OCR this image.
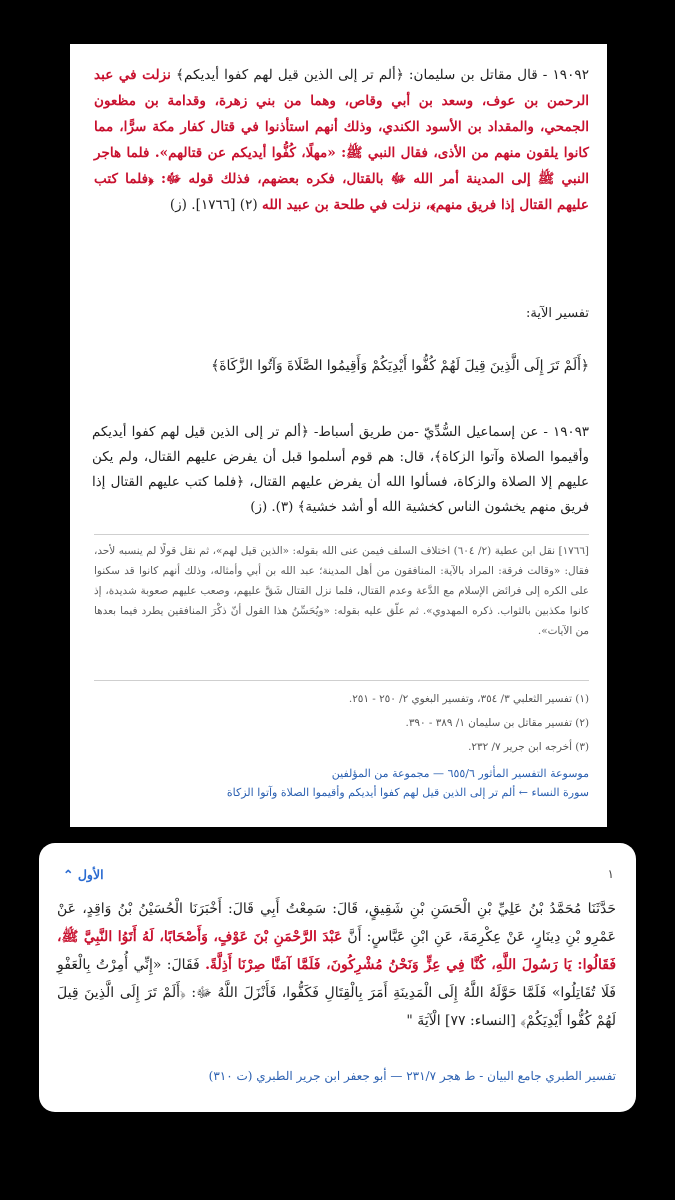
١٩٠٩٢ - قال مقاتل بن سليمان: ﴿ألم تر إلى الذين قيل لهم كفوا أيديكم﴾ نزلت في عبد الرحمن بن عوف، وسعد بن أبي وقاص، وهما من بني زهرة، وقدامة بن مظعون الجمحي، والمقداد بن الأسود الكندي، وذلك أنهم استأذنوا في قتال كفار مكة سرًّا، مما كانوا يلقون منهم من الأذى، فقال النبي ﷺ: «مهلًا، كُفُّوا أيديكم عن قتالهم». فلما هاجر النبي ﷺ إلى المدينة أمر الله ﷻ بالقتال، فكره بعضهم، فذلك قوله ﷻ: ﴿فلما كتب عليهم القتال إذا فريق منهم﴾، نزلت في طلحة بن عبيد الله (٢) [١٧٦٦]. (ز)
تفسير الآية:
﴿أَلَمْ تَرَ إِلَى الَّذِينَ قِيلَ لَهُمْ كُفُّوا أَيْدِيَكُمْ وَأَقِيمُوا الصَّلَاةَ وَآتُوا الزَّكَاةَ﴾
١٩٠٩٣ - عن إسماعيل السُّدِّيّ -من طريق أسباط- ﴿ألم تر إلى الذين قيل لهم كفوا أيديكم وأقيموا الصلاة وآتوا الزكاة﴾، قال: هم قوم أسلموا قبل أن يفرض عليهم القتال، ولم يكن عليهم إلا الصلاة والزكاة، فسألوا الله أن يفرض عليهم القتال، ﴿فلما كتب عليهم القتال إذا فريق منهم يخشون الناس كخشية الله أو أشد خشية﴾ (٣). (ز)
[١٧٦٦] نقل ابن عطية (٢/ ٦٠٤) اختلاف السلف فيمن عنى الله بقوله: «الذين قيل لهم»، ثم نقل قولًا لم ينسبه لأحد، فقال: «وقالت فرقة: المراد بالآية: المنافقون من أهل المدينة؛ عبد الله بن أبي وأمثاله، وذلك أنهم كانوا قد سكنوا على الكره إلى فرائض الإسلام مع الدَّعة وعدم القتال، فلما نزل القتال شَقَّ عليهم، وصعب عليهم صعوبة شديدة، إذ كانوا مكذبين بالثواب. ذكره المهدوي». ثم علّق عليه بقوله: «ويُحَسِّنُ هذا القول أنّ ذكْرَ المنافقين يطرد فيما بعدها من الآيات».
(١) تفسير الثعلبي ٣/ ٣٥٤، وتفسير البغوي ٢/ ٢٥٠ - ٢٥١.
(٢) تفسير مقاتل بن سليمان ١/ ٣٨٩ - ٣٩٠.
(٣) أخرجه ابن جرير ٧/ ٢٣٢.
موسوعة التفسير المأثور ٦٥٥/٦ — مجموعة من المؤلفين
سورة النساء ← ألم تر إلى الذين قيل لهم كفوا أيديكم وأقيموا الصلاة وآتوا الزكاة
١
الأول ⌃
حَدَّثَنَا مُحَمَّدُ بْنُ عَلِيِّ بْنِ الْحَسَنِ بْنِ شَقِيقٍ، قَالَ: سَمِعْتُ أَبِي قَالَ: أَخْبَرَنَا الْحُسَيْنُ بْنُ وَاقِدٍ، عَنْ عَمْرِو بْنِ دِينَارٍ، عَنْ عِكْرِمَةَ، عَنِ ابْنِ عَبَّاسٍ: أَنَّ عَبْدَ الرَّحْمَنِ بْنَ عَوْفٍ، وَأَصْحَابًا، لَهُ أَتَوُا النَّبِيَّ ﷺ، فَقَالُوا: يَا رَسُولَ اللَّهِ، كُنَّا فِي عِزٍّ وَنَحْنُ مُشْرِكُونَ، فَلَمَّا آمَنَّا صِرْنَا أَذِلَّةً. فَقَالَ: «إِنِّي أُمِرْتُ بِالْعَفْوِ فَلَا تُقَاتِلُوا» فَلَمَّا حَوَّلَهُ اللَّهُ إِلَى الْمَدِينَةِ أَمَرَ بِالْقِتَالِ فَكَفُّوا، فَأَنْزَلَ اللَّهُ ﷻ: ﴿أَلَمْ تَرَ إِلَى الَّذِينَ قِيلَ لَهُمْ كُفُّوا أَيْدِيَكُمْ﴾ [النساء: ٧٧] الْآيَةَ "
تفسير الطبري جامع البيان - ط هجر ٢٣١/٧ — أبو جعفر ابن جرير الطبري (ت ٣١٠)
